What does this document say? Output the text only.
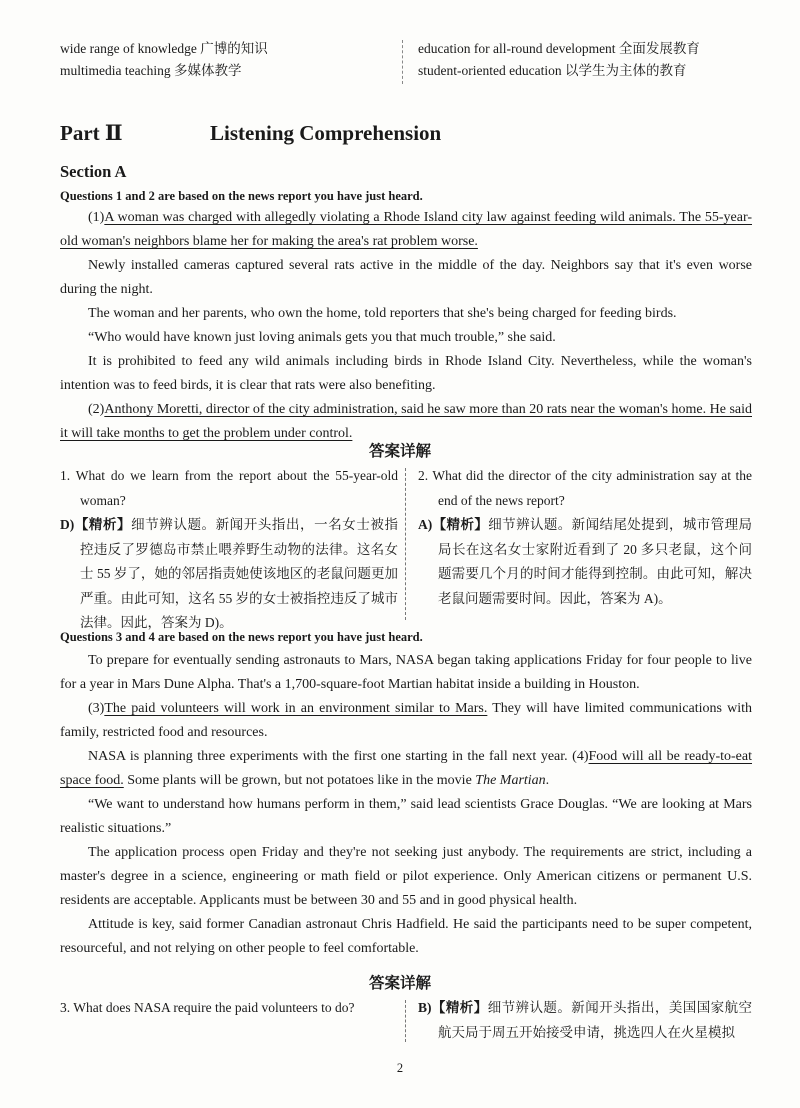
wide range of knowledge 广博的知识
multimedia teaching 多媒体教学
education for all-round development 全面发展教育
student-oriented education 以学生为主体的教育
Part Ⅱ	Listening Comprehension
Section A
Questions 1 and 2 are based on the news report you have just heard.

(1)A woman was charged with allegedly violating a Rhode Island city law against feeding wild animals. The 55-year-old woman's neighbors blame her for making the area's rat problem worse.

Newly installed cameras captured several rats active in the middle of the day. Neighbors say that it's even worse during the night.

The woman and her parents, who own the home, told reporters that she's being charged for feeding birds.

“Who would have known just loving animals gets you that much trouble,” she said.

It is prohibited to feed any wild animals including birds in Rhode Island City. Nevertheless, while the woman's intention was to feed birds, it is clear that rats were also benefiting.

(2)Anthony Moretti, director of the city administration, said he saw more than 20 rats near the woman's home. He said it will take months to get the problem under control.

答案详解
1. What do we learn from the report about the 55-year-old woman?
D)【精析】细节辨认题。新闻开头指出，一名女士被指控违反了罗德岛市禁止喂养野生动物的法律。这名女士 55 岁了，她的邻居指责她使该地区的老鼠问题更加严重。由此可知，这名 55 岁的女士被指控违反了城市法律。因此，答案为 D)。
2. What did the director of the city administration say at the end of the news report?
A)【精析】细节辨认题。新闻结尾处提到，城市管理局局长在这名女士家附近看到了 20 多只老鼠，这个问题需要几个月的时间才能得到控制。由此可知，解决老鼠问题需要时间。因此，答案为 A)。
Questions 3 and 4 are based on the news report you have just heard.

To prepare for eventually sending astronauts to Mars, NASA began taking applications Friday for four people to live for a year in Mars Dune Alpha. That's a 1,700-square-foot Martian habitat inside a building in Houston.

(3)The paid volunteers will work in an environment similar to Mars. They will have limited communications with family, restricted food and resources.

NASA is planning three experiments with the first one starting in the fall next year. (4)Food will all be ready-to-eat space food. Some plants will be grown, but not potatoes like in the movie The Martian.

“We want to understand how humans perform in them,” said lead scientists Grace Douglas. “We are looking at Mars realistic situations.”

The application process open Friday and they're not seeking just anybody. The requirements are strict, including a master's degree in a science, engineering or math field or pilot experience. Only American citizens or permanent U.S. residents are acceptable. Applicants must be between 30 and 55 and in good physical health.

Attitude is key, said former Canadian astronaut Chris Hadfield. He said the participants need to be super competent, resourceful, and not relying on other people to feel comfortable.

答案详解
3. What does NASA require the paid volunteers to do?	B)【精析】细节辨认题。新闻开头指出，美国国家航空航天局于周五开始接受申请，挑选四人在火星模拟
2
